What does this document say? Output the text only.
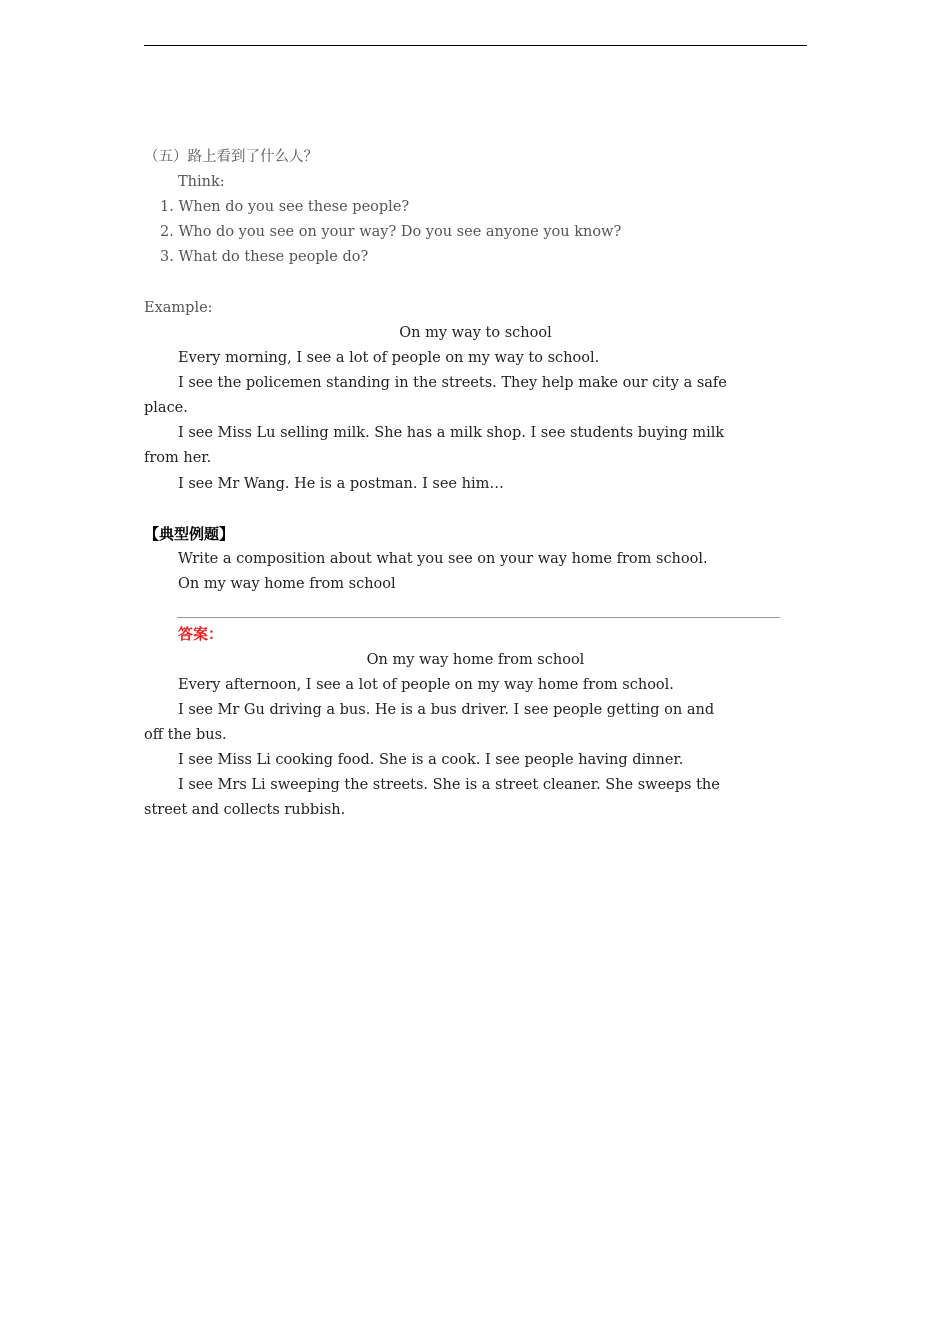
（五）路上看到了什么人？
Think:
1. When do you see these people?
2. Who do you see on your way? Do you see anyone you know?
3. What do these people do?
Example:
On my way to school
Every morning, I see a lot of people on my way to school.
I see the policemen standing in the streets. They help make our city a safe
place.
I see Miss Lu selling milk. She has a milk shop. I see students buying milk
from her.
I see Mr Wang. He is a postman. I see him…
【典型例题】
Write a composition about what you see on your way home from school.
On my way home from school
答案：
On my way home from school
Every afternoon, I see a lot of people on my way home from school.
I see Mr Gu driving a bus. He is a bus driver. I see people getting on and
off the bus.
I see Miss Li cooking food. She is a cook. I see people having dinner.
I see Mrs Li sweeping the streets. She is a street cleaner. She sweeps the
street and collects rubbish.
